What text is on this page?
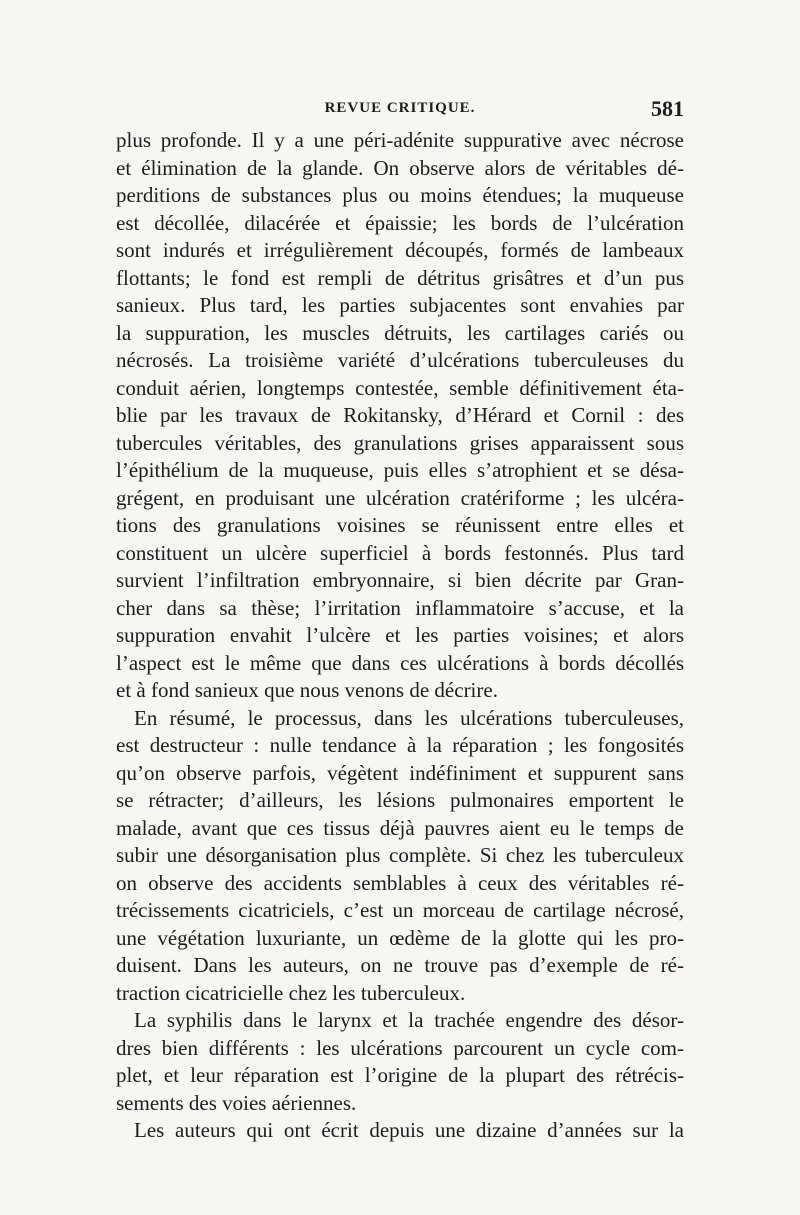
REVUE CRITIQUE.	581
plus profonde. Il y a une péri-adénite suppurative avec nécrose
et élimination de la glande. On observe alors de véritables dé-
perditions de substances plus ou moins étendues; la muqueuse
est décollée, dilacérée et épaissie; les bords de l’ulcération
sont indurés et irrégulièrement découpés, formés de lambeaux
flottants; le fond est rempli de détritus grisâtres et d’un pus
sanieux. Plus tard, les parties subjacentes sont envahies par
la suppuration, les muscles détruits, les cartilages cariés ou
nécrosés. La troisième variété d’ulcérations tuberculeuses du
conduit aérien, longtemps contestée, semble définitivement éta-
blie par les travaux de Rokitansky, d’Hérard et Cornil : des
tubercules véritables, des granulations grises apparaissent sous
l’épithélium de la muqueuse, puis elles s’atrophient et se désa-
grégent, en produisant une ulcération cratériforme ; les ulcéra-
tions des granulations voisines se réunissent entre elles et
constituent un ulcère superficiel à bords festonnés. Plus tard
survient l’infiltration embryonnaire, si bien décrite par Gran-
cher dans sa thèse; l’irritation inflammatoire s’accuse, et la
suppuration envahit l’ulcère et les parties voisines; et alors
l’aspect est le même que dans ces ulcérations à bords décollés
et à fond sanieux que nous venons de décrire.
En résumé, le processus, dans les ulcérations tuberculeuses,
est destructeur : nulle tendance à la réparation ; les fongosités
qu’on observe parfois, végètent indéfiniment et suppurent sans
se rétracter; d’ailleurs, les lésions pulmonaires emportent le
malade, avant que ces tissus déjà pauvres aient eu le temps de
subir une désorganisation plus complète. Si chez les tuberculeux
on observe des accidents semblables à ceux des véritables ré-
trécissements cicatriciels, c’est un morceau de cartilage nécrosé,
une végétation luxuriante, un œdème de la glotte qui les pro-
duisent. Dans les auteurs, on ne trouve pas d’exemple de ré-
traction cicatricielle chez les tuberculeux.
La syphilis dans le larynx et la trachée engendre des désor-
dres bien différents : les ulcérations parcourent un cycle com-
plet, et leur réparation est l’origine de la plupart des rétrécis-
sements des voies aériennes.
Les auteurs qui ont écrit depuis une dizaine d’années sur la
